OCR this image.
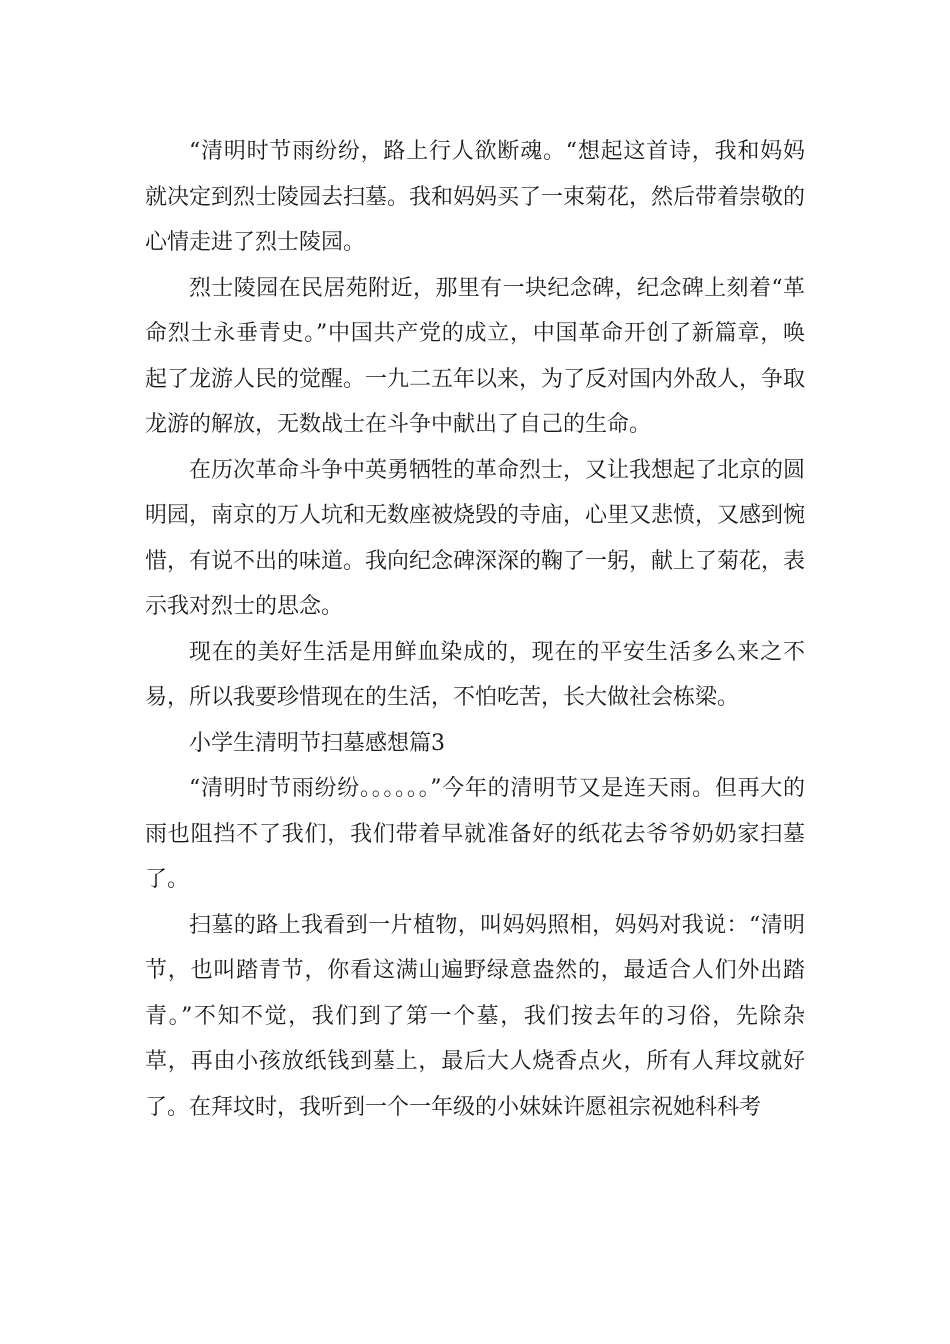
“清明时节雨纷纷，路上行人欲断魂。“想起这首诗，我和妈妈就决定到烈士陵园去扫墓。我和妈妈买了一束菊花，然后带着崇敬的心情走进了烈士陵园。

烈士陵园在民居苑附近，那里有一块纪念碑，纪念碑上刻着“革命烈士永垂青史。”中国共产党的成立，中国革命开创了新篇章，唤起了龙游人民的觉醒。一九二五年以来，为了反对国内外敌人，争取龙游的解放，无数战士在斗争中献出了自己的生命。

在历次革命斗争中英勇牺牲的革命烈士，又让我想起了北京的圆明园，南京的万人坑和无数座被烧毁的寺庙，心里又悲愤，又感到惋惜，有说不出的味道。我向纪念碑深深的鞠了一躬，献上了菊花，表示我对烈士的思念。

现在的美好生活是用鲜血染成的，现在的平安生活多么来之不易，所以我要珍惜现在的生活，不怕吃苦，长大做社会栋梁。

小学生清明节扫墓感想篇3

“清明时节雨纷纷。。。。。。”今年的清明节又是连天雨。但再大的雨也阻挡不了我们，我们带着早就准备好的纸花去爷爷奶奶家扫墓了。

扫墓的路上我看到一片植物，叫妈妈照相，妈妈对我说：“清明节，也叫踏青节，你看这满山遍野绿意盎然的，最适合人们外出踏青。”不知不觉，我们到了第一个墓，我们按去年的习俗，先除杂草，再由小孩放纸钱到墓上，最后大人烧香点火，所有人拜坟就好了。在拜坟时，我听到一个一年级的小妹妹许愿祖宗祝她科科考
